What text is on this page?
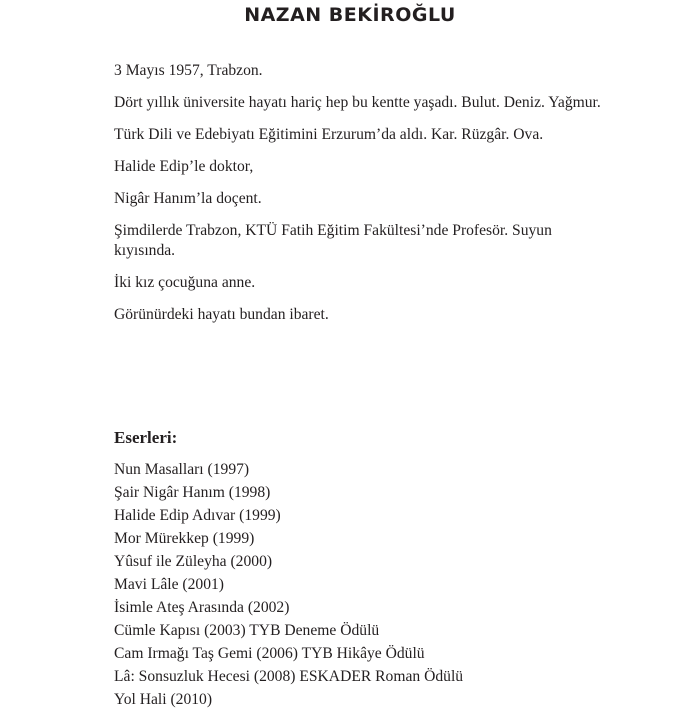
NAZAN BEKİROĞLU

3 Mayıs 1957, Trabzon.

Dört yıllık üniversite hayatı hariç hep bu kentte yaşadı. Bulut. Deniz. Yağmur.

Türk Dili ve Edebiyatı Eğitimini Erzurum’da aldı. Kar. Rüzgâr. Ova.

Halide Edip’le doktor,

Nigâr Hanım’la doçent.

Şimdilerde Trabzon, KTÜ Fatih Eğitim Fakültesi’nde Profesör. Suyun kıyısında.

İki kız çocuğuna anne.

Görünürdeki hayatı bundan ibaret.

Eserleri:
Nun Masalları (1997)
Şair Nigâr Hanım (1998)
Halide Edip Adıvar (1999)
Mor Mürekkep (1999)
Yûsuf ile Züleyha (2000)
Mavi Lâle (2001)
İsimle Ateş Arasında (2002)
Cümle Kapısı (2003) TYB Deneme Ödülü
Cam Irmağı Taş Gemi (2006) TYB Hikâye Ödülü
Lâ: Sonsuzluk Hecesi (2008) ESKADER Roman Ödülü
Yol Hali (2010)
